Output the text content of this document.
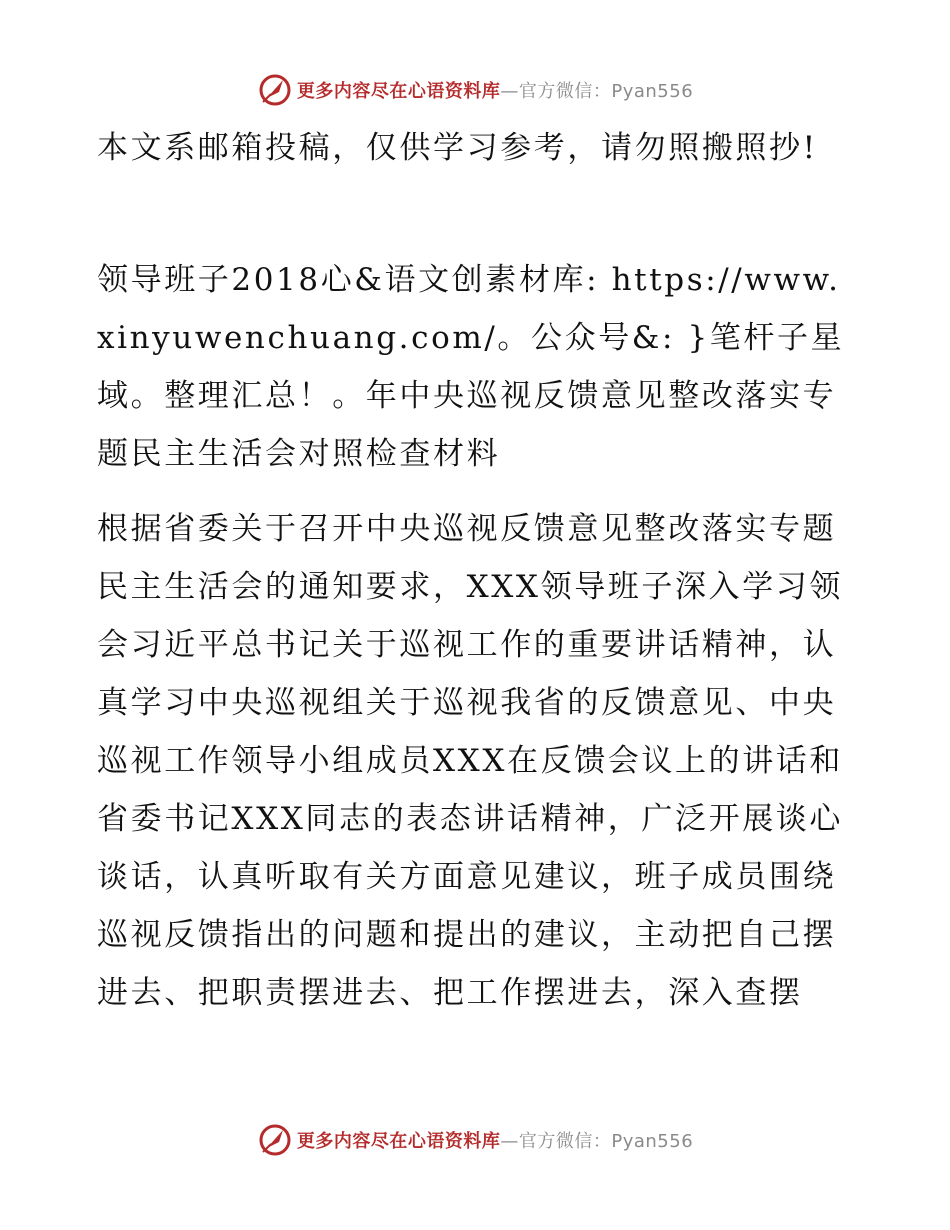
更多内容尽在心语资料库 —官方微信：Pyan556

本文系邮箱投稿，仅供学习参考，请勿照搬照抄!

领导班子2018心&语文创素材库: https://www.xinyuwenchuang.com/。公众号&: }笔杆子星域。整理汇总！。年中央巡视反馈意见整改落实专题民主生活会对照检查材料

根据省委关于召开中央巡视反馈意见整改落实专题民主生活会的通知要求，XXX领导班子深入学习领会习近平总书记关于巡视工作的重要讲话精神，认真学习中央巡视组关于巡视我省的反馈意见、中央巡视工作领导小组成员XXX在反馈会议上的讲话和省委书记XXX同志的表态讲话精神，广泛开展谈心谈话，认真听取有关方面意见建议，班子成员围绕巡视反馈指出的问题和提出的建议，主动把自己摆进去、把职责摆进去、把工作摆进去，深入查摆

更多内容尽在心语资料库 —官方微信：Pyan556
